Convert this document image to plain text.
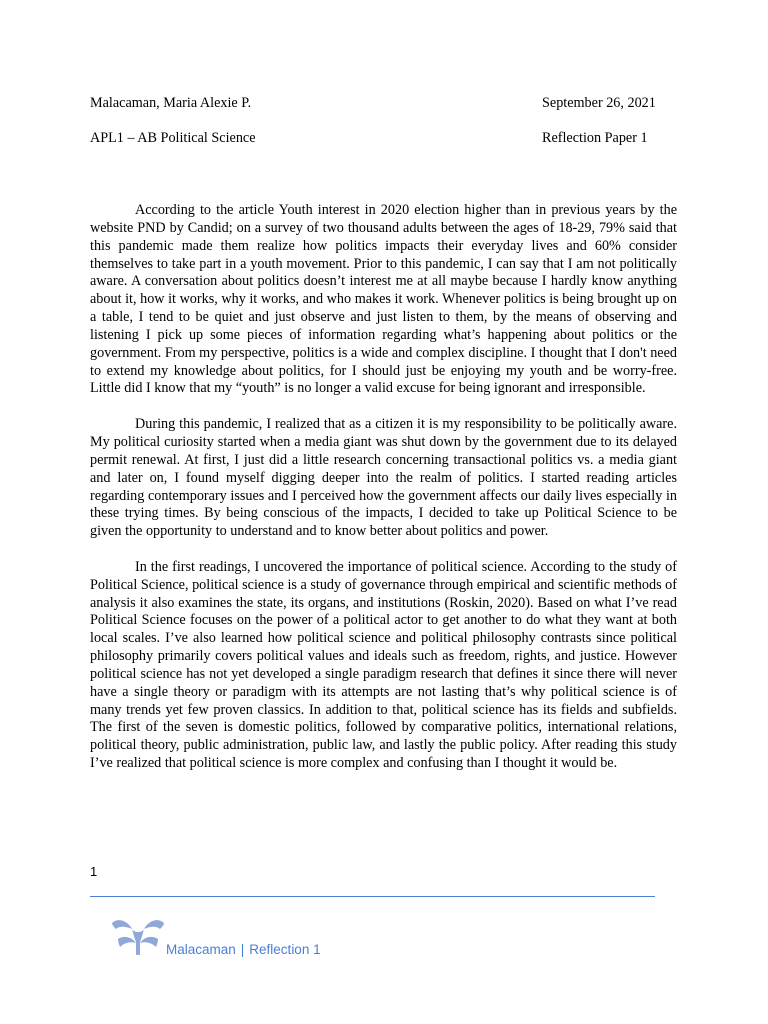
Malacaman, Maria Alexie P.	September 26, 2021
APL1 – AB Political Science	Reflection Paper 1

According to the article Youth interest in 2020 election higher than in previous years by the website PND by Candid; on a survey of two thousand adults between the ages of 18-29, 79% said that this pandemic made them realize how politics impacts their everyday lives and 60% consider themselves to take part in a youth movement. Prior to this pandemic, I can say that I am not politically aware. A conversation about politics doesn’t interest me at all maybe because I hardly know anything about it, how it works, why it works, and who makes it work. Whenever politics is being brought up on a table, I tend to be quiet and just observe and just listen to them, by the means of observing and listening I pick up some pieces of information regarding what’s happening about politics or the government. From my perspective, politics is a wide and complex discipline. I thought that I don't need to extend my knowledge about politics, for I should just be enjoying my youth and be worry-free. Little did I know that my “youth” is no longer a valid excuse for being ignorant and irresponsible.

During this pandemic, I realized that as a citizen it is my responsibility to be politically aware. My political curiosity started when a media giant was shut down by the government due to its delayed permit renewal. At first, I just did a little research concerning transactional politics vs. a media giant and later on, I found myself digging deeper into the realm of politics. I started reading articles regarding contemporary issues and I perceived how the government affects our daily lives especially in these trying times. By being conscious of the impacts, I decided to take up Political Science to be given the opportunity to understand and to know better about politics and power.

In the first readings, I uncovered the importance of political science. According to the study of Political Science, political science is a study of governance through empirical and scientific methods of analysis it also examines the state, its organs, and institutions (Roskin, 2020). Based on what I’ve read Political Science focuses on the power of a political actor to get another to do what they want at both local scales. I’ve also learned how political science and political philosophy contrasts since political philosophy primarily covers political values and ideals such as freedom, rights, and justice. However political science has not yet developed a single paradigm research that defines it since there will never have a single theory or paradigm with its attempts are not lasting that’s why political science is of many trends yet few proven classics. In addition to that, political science has its fields and subfields. The first of the seven is domestic politics, followed by comparative politics, international relations, political theory, public administration, public law, and lastly the public policy. After reading this study I’ve realized that political science is more complex and confusing than I thought it would be.

1
Malacaman | Reflection 1
